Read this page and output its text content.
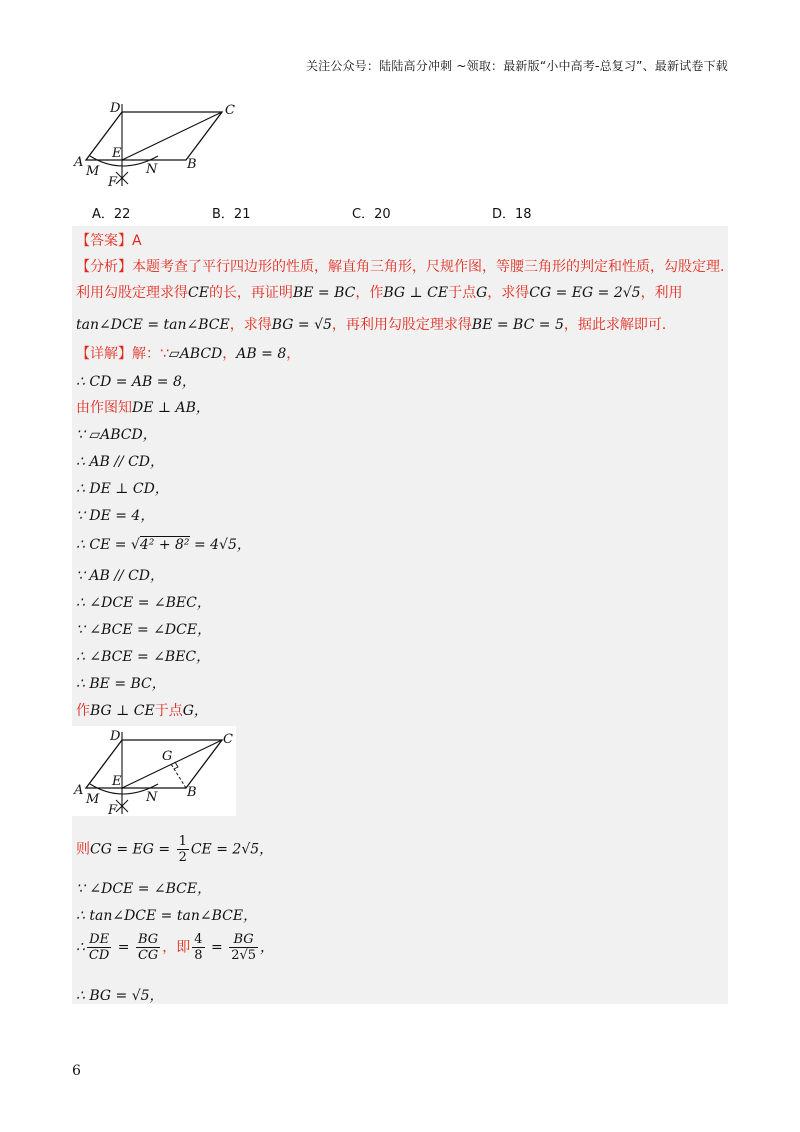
关注公众号：陆陆高分冲刺 ~领取：最新版“小中高考-总复习”、最新试卷下载
D	C
A
E
B
M	N
F
A．22	B．21	C．20	D．18
【答案】A
【分析】本题考查了平行四边形的性质，解直角三角形，尺规作图，等腰三角形的判定和性质，勾股定理．
利用勾股定理求得CE的长，再证明BE = BC，作BG ⊥ CE于点G，求得CG = EG = 2√5，利用
tan∠DCE = tan∠BCE，求得BG = √5，再利用勾股定理求得BE = BC = 5，据此求解即可．
【详解】解：∵▱ABCD，AB = 8，
∴ CD = AB = 8，
由作图知DE ⊥ AB，
∵ ▱ABCD，
∴ AB // CD，
∴ DE ⊥ CD，
∵ DE = 4，
∴ CE = √4² + 8² = 4√5，
∵ AB // CD，
∴ ∠DCE = ∠BEC，
∵ ∠BCE = ∠DCE，
∴ ∠BCE = ∠BEC，
∴ BE = BC，
作BG ⊥ CE于点G，
D	C
G
A
E
B
M	N
F
则CG = EG = $\frac{1}{2}$ CE = 2√5，
∵ ∠DCE = ∠BCE，
∴ tan∠DCE = tan∠BCE，
∴ $\frac{DE}{CD} = \frac{BG}{CG}$ ，即 $\frac{4}{8} = \frac{BG}{2√5}$ ，
∴ BG = √5，
6
